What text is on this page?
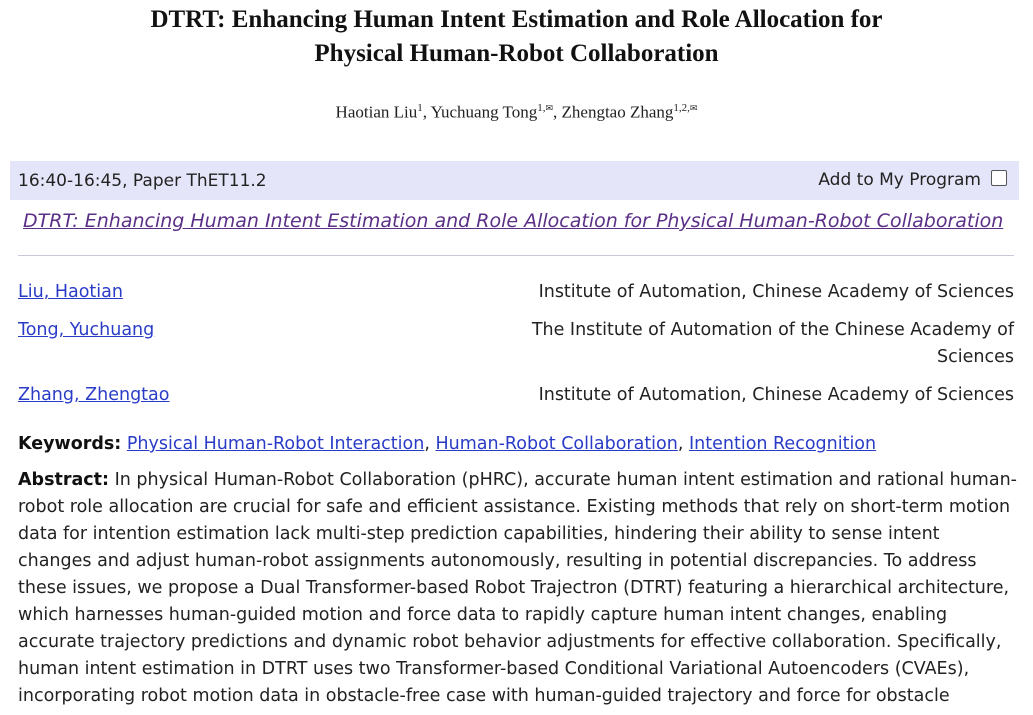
DTRT: Enhancing Human Intent Estimation and Role Allocation for
Physical Human-Robot Collaboration
Haotian Liu$^1$, Yuchuang Tong$^{1,✉}$, Zhengtao Zhang$^{1,2,✉}$
16:40-16:45, Paper ThET11.2	Add to My Program
DTRT: Enhancing Human Intent Estimation and Role Allocation for Physical Human-Robot Collaboration
Liu, Haotian	Institute of Automation, Chinese Academy of Sciences
Tong, Yuchuang	The Institute of Automation of the Chinese Academy of
Sciences
Zhang, Zhengtao	Institute of Automation, Chinese Academy of Sciences
Keywords: Physical Human-Robot Interaction, Human-Robot Collaboration, Intention Recognition
Abstract: In physical Human-Robot Collaboration (pHRC), accurate human intent estimation and rational human-robot role allocation are crucial for safe and efficient assistance. Existing methods that rely on short-term motion data for intention estimation lack multi-step prediction capabilities, hindering their ability to sense intent changes and adjust human-robot assignments autonomously, resulting in potential discrepancies. To address these issues, we propose a Dual Transformer-based Robot Trajectron (DTRT) featuring a hierarchical architecture, which harnesses human-guided motion and force data to rapidly capture human intent changes, enabling accurate trajectory predictions and dynamic robot behavior adjustments for effective collaboration. Specifically, human intent estimation in DTRT uses two Transformer-based Conditional Variational Autoencoders (CVAEs), incorporating robot motion data in obstacle-free case with human-guided trajectory and force for obstacle
